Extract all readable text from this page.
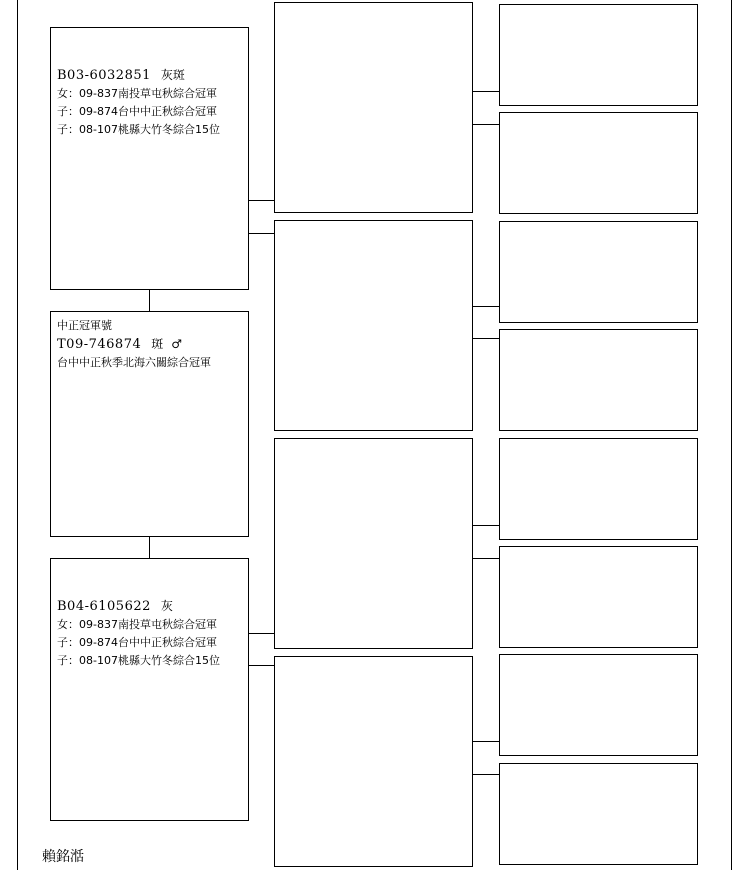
B03-6032851 灰斑
女：09-837南投草屯秋綜合冠軍
子：09-874台中中正秋綜合冠軍
子：08-107桃縣大竹冬綜合15位
中正冠軍號
T09-746874 斑 ♂
台中中正秋季北海六關綜合冠軍
B04-6105622 灰
女：09-837南投草屯秋綜合冠軍
子：09-874台中中正秋綜合冠軍
子：08-107桃縣大竹冬綜合15位
賴銘湉
